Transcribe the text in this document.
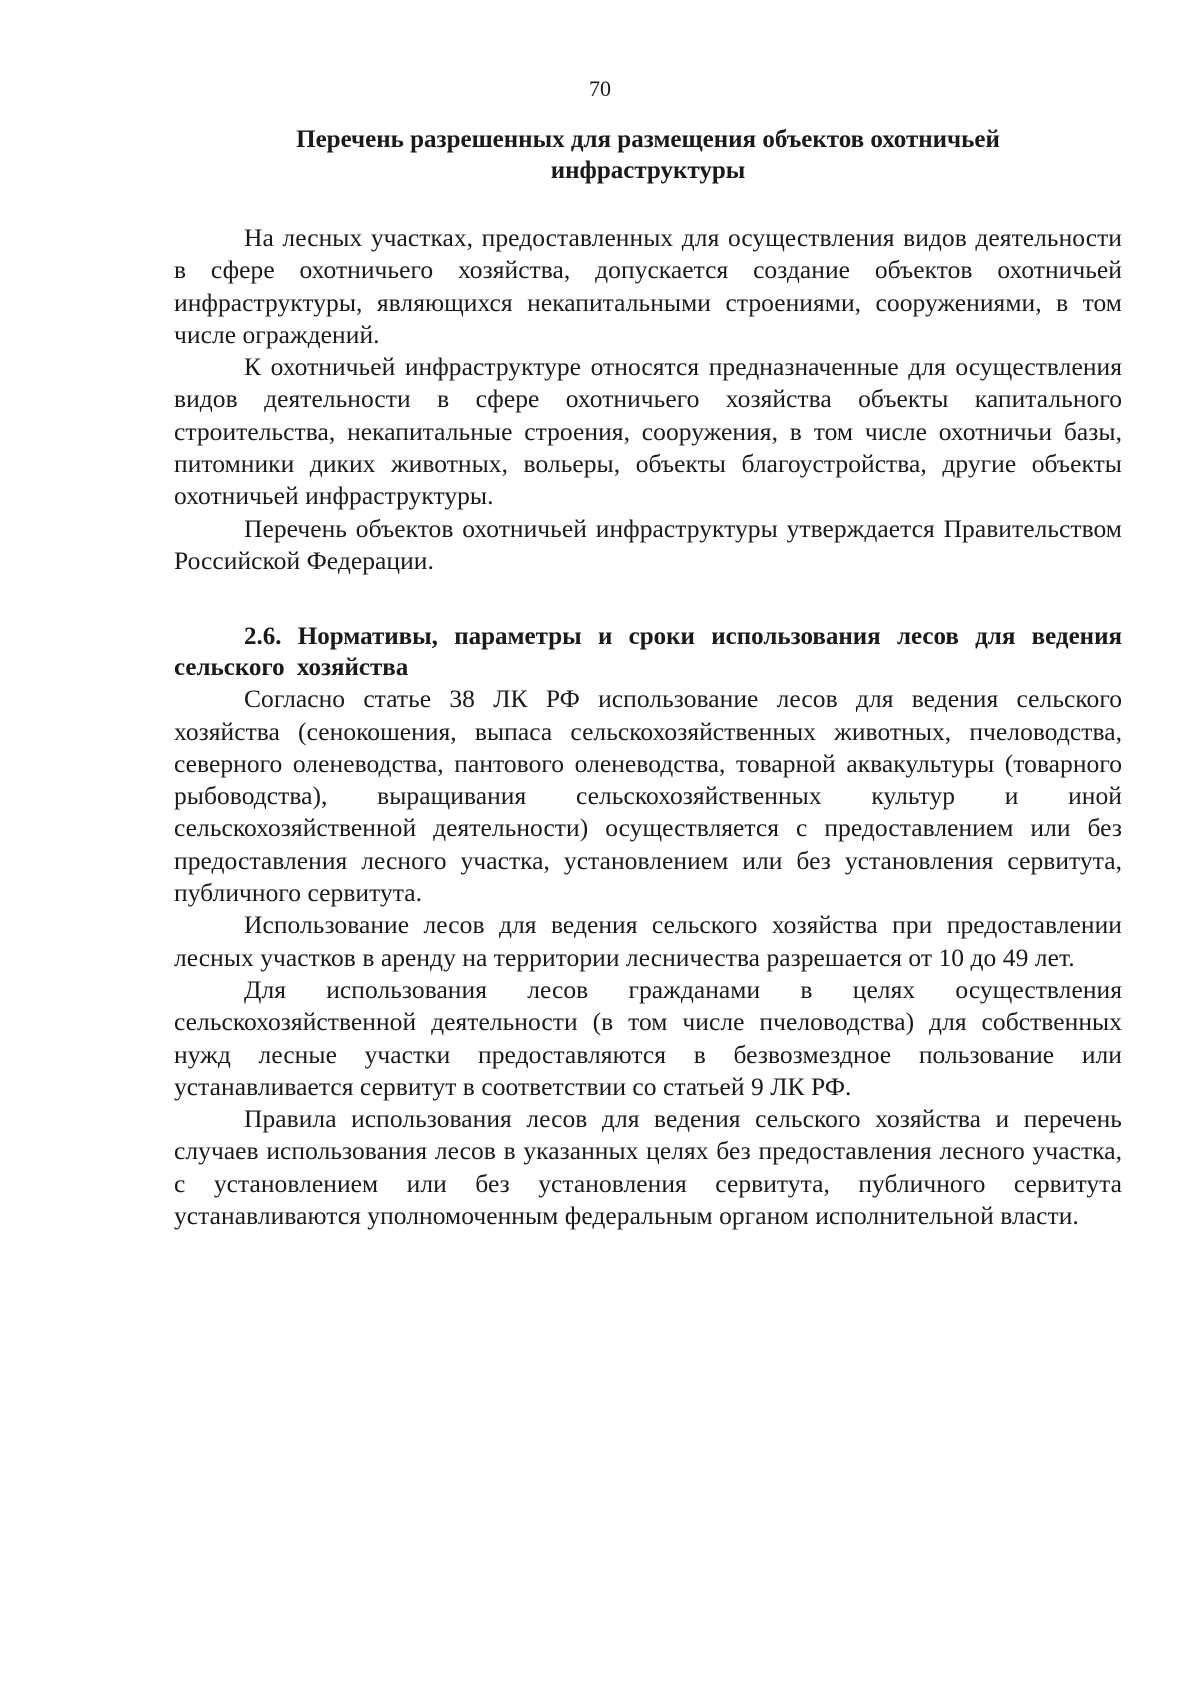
70
Перечень разрешенных для размещения объектов охотничьей инфраструктуры

На лесных участках, предоставленных для осуществления видов деятельности в сфере охотничьего хозяйства, допускается создание объектов охотничьей инфраструктуры, являющихся некапитальными строениями, сооружениями, в том числе ограждений.

К охотничьей инфраструктуре относятся предназначенные для осуществления видов деятельности в сфере охотничьего хозяйства объекты капитального строительства, некапитальные строения, сооружения, в том числе охотничьи базы, питомники диких животных, вольеры, объекты благоустройства, другие объекты охотничьей инфраструктуры.

Перечень объектов охотничьей инфраструктуры утверждается Правительством Российской Федерации.

2.6. Нормативы, параметры и сроки использования лесов для ведения сельского хозяйства

Согласно статье 38 ЛК РФ использование лесов для ведения сельского хозяйства (сенокошения, выпаса сельскохозяйственных животных, пчеловодства, северного оленеводства, пантового оленеводства, товарной аквакультуры (товарного рыбоводства), выращивания сельскохозяйственных культур и иной сельскохозяйственной деятельности) осуществляется с предоставлением или без предоставления лесного участка, установлением или без установления сервитута, публичного сервитута.

Использование лесов для ведения сельского хозяйства при предоставлении лесных участков в аренду на территории лесничества разрешается от 10 до 49 лет.

Для использования лесов гражданами в целях осуществления сельскохозяйственной деятельности (в том числе пчеловодства) для собственных нужд лесные участки предоставляются в безвозмездное пользование или устанавливается сервитут в соответствии со статьей 9 ЛК РФ.

Правила использования лесов для ведения сельского хозяйства и перечень случаев использования лесов в указанных целях без предоставления лесного участка, с установлением или без установления сервитута, публичного сервитута устанавливаются уполномоченным федеральным органом исполнительной власти.
